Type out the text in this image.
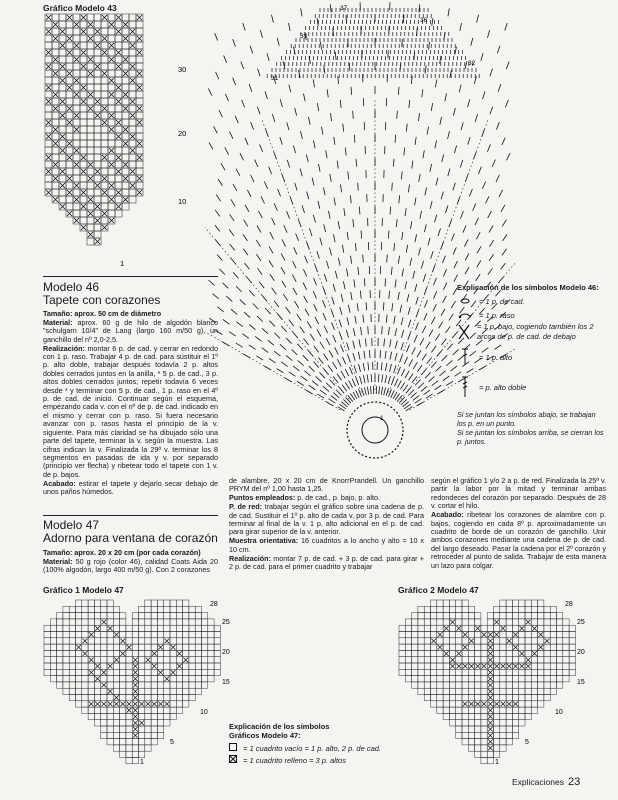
Gráfico Modelo 43
30
20
10
1
37
36
33
32
31
1
Explicación de los símbolos Modelo 46:
= 1 p. de cad.
= 1 p. raso
= 1 p. bajo, cogiendo también los 2 arcos de p. de cad. de debajo
= 1 p. alto
= p. alto doble
Si se juntan los símbolos abajo, se trabajan los p. en un punto.
Si se juntan los símbolos arriba, se cierran los p. juntos.
Modelo 46
Tapete con corazones

Tamaño: aprox. 50 cm de diámetro

Material: aprox. 60 g de hilo de algodón blanco "schulgarn 10/4" de Lang (largo 160 m/50 g), un ganchillo del nº 2,0-2,5.

Realización: montar 6 p. de cad. y cerrar en redondo con 1 p. raso. Trabajar 4 p. de cad. para sustituir el 1º p. alto doble, trabajar después todavía 2 p. altos dobles cerrados juntos en la anilla, * 5 p. de cad., 3 p. altos dobles cerrados juntos; repetir todavía 6 veces desde * y terminar con 5 p. de cad., 1 p. raso en el 4º p. de cad. de inicio. Continuar según el esquema, empezando cada v. con el nº de p. de cad. indicado en el mismo y cerrar con p. raso. Si fuera necesario avanzar con p. rasos hasta el principio de la v. siguiente. Para más claridad se ha dibujado sólo una parte del tapete, terminar la v. según la muestra. Las cifras indican la v. Finalizada la 29ª v. terminar los 8 segmentos en pasadas de ida y v. por separado (principio ver flecha) y ribetear todo el tapete con 1 v. de p. bajos.

Acabado: estirar el tapete y dejarlo secar debajo de unos paños húmedos.

Modelo 47
Adorno para ventana de corazón

Tamaño: aprox. 20 x 20 cm (por cada corazón)

Material: 50 g rojo (color 46), calidad Coats Aida 20 (100% algodón, largo 400 m/50 g). Con 2 corazones

de alambre, 20 x 20 cm de KnorrPrandell. Un ganchillo PRYM del nº 1,00 hasta 1,25.

Puntos empleados: p. de cad., p. bajo, p. alto.

P. de red: trabajar según el gráfico sobre una cadena de p. de cad. Sustituir el 1º p. alto de cada v. por 3 p. de cad. Para terminar al final de la v. 1 p. alto adicional en el p. de cad. para girar superior de la v. anterior.

Muestra orientativa: 16 cuadritos a lo ancho y alto = 10 x 10 cm.

Realización: montar 7 p. de cad. + 3 p. de cad. para girar + 2 p. de cad. para el primer cuadrito y trabajar

según el gráfico 1 y/o 2 a p. de red. Finalizada la 25ª v. partir la labor por la mitad y terminar ambas redondeces del corazón por separado. Después de 28 v. cortar el hilo.

Acabado: ribetear los corazones de alambre con p. bajos, cogiendo en cada 8º p. aproximadamente un cuadrito de borde de un corazón de ganchillo. Unir ambos corazones mediante una cadena de p. de cad. del largo deseado. Pasar la cadena por el 2º corazón y retroceder al punto de salida. Trabajar de esta manera un lazo para colgar.

Gráfico 1 Modelo 47
28
25
20
15
10
5
1
Gráfico 2 Modelo 47
28
25
20
15
10
5
1
Explicación de los símbolos
Gráficos Modelo 47:
= 1 cuadrito vacío = 1 p. alto, 2 p. de cad.
= 1 cuadrito relleno = 3 p. altos
Explicaciones 23
